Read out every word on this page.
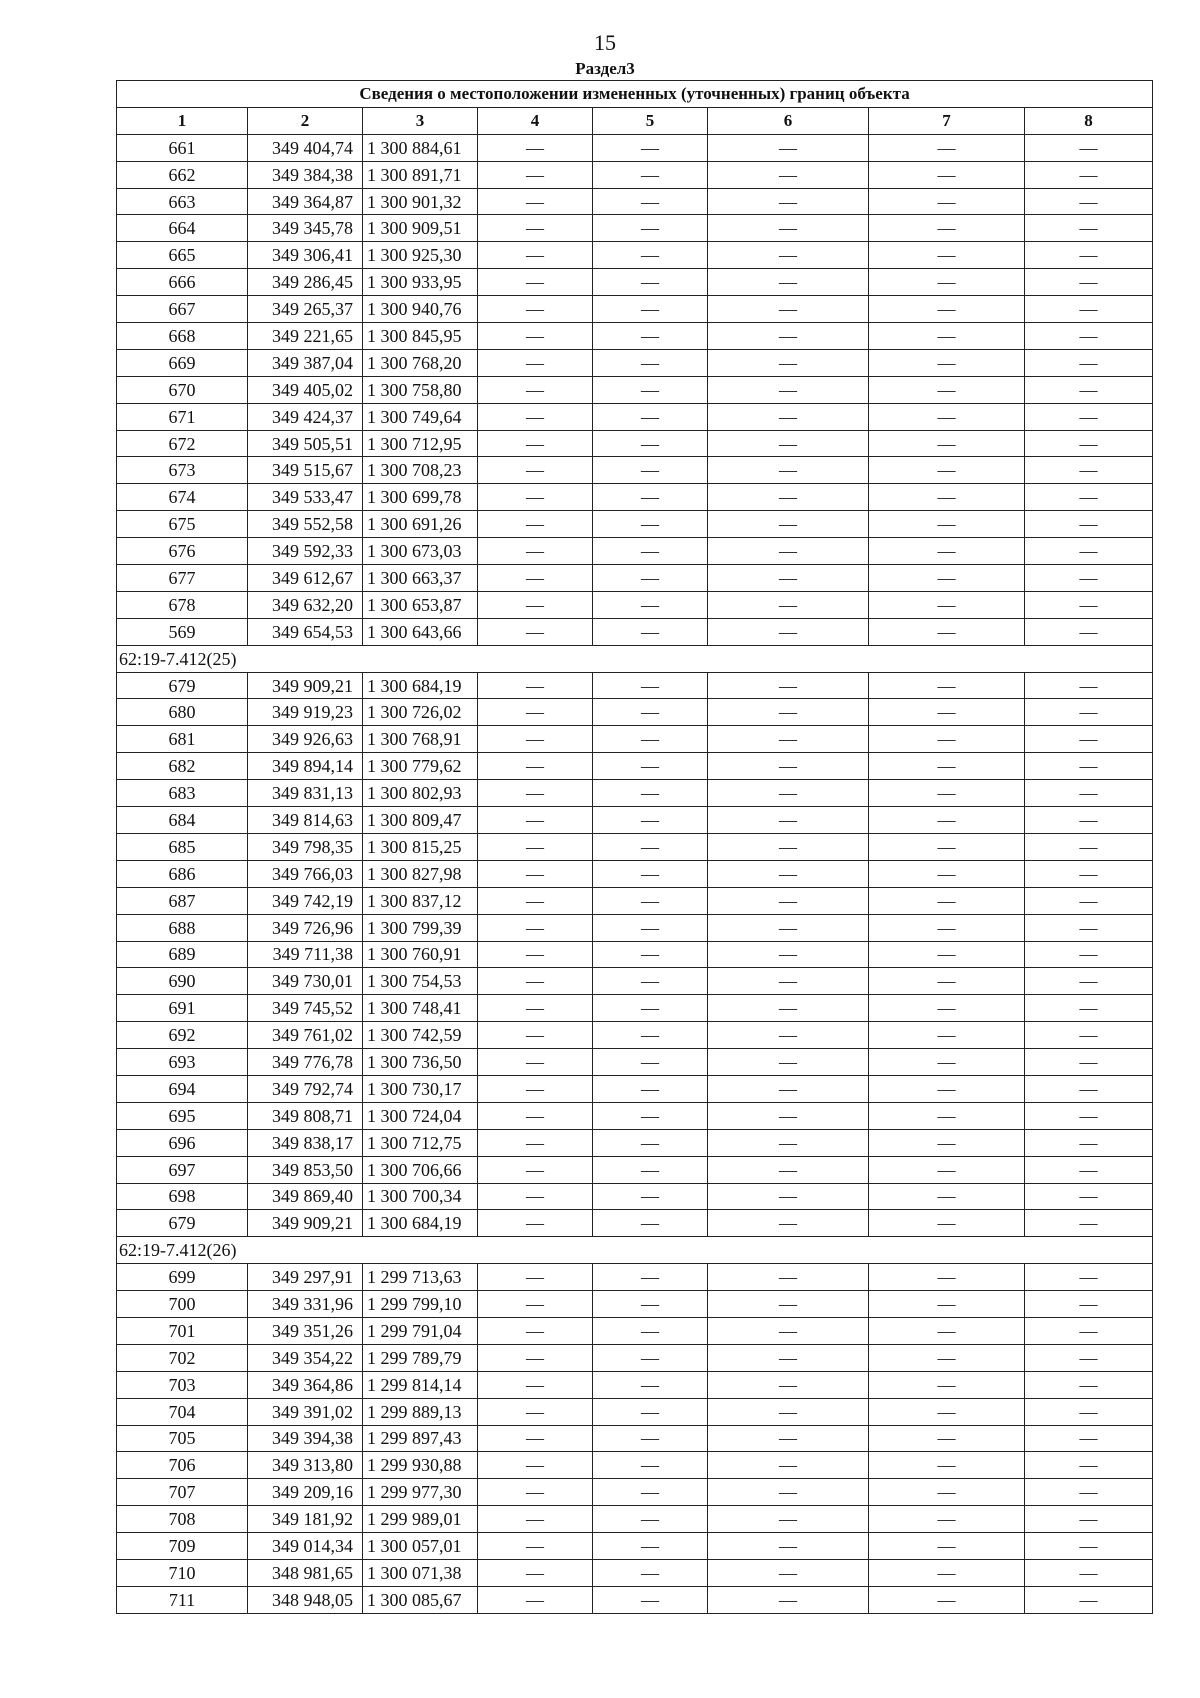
15
Раздел3
Сведения о местоположении измененных (уточненных) границ объекта							
1	2	3	4	5	6	7	8
661	349 404,74	1 300 884,61	—	—	—	—	—
662	349 384,38	1 300 891,71	—	—	—	—	—
663	349 364,87	1 300 901,32	—	—	—	—	—
664	349 345,78	1 300 909,51	—	—	—	—	—
665	349 306,41	1 300 925,30	—	—	—	—	—
666	349 286,45	1 300 933,95	—	—	—	—	—
667	349 265,37	1 300 940,76	—	—	—	—	—
668	349 221,65	1 300 845,95	—	—	—	—	—
669	349 387,04	1 300 768,20	—	—	—	—	—
670	349 405,02	1 300 758,80	—	—	—	—	—
671	349 424,37	1 300 749,64	—	—	—	—	—
672	349 505,51	1 300 712,95	—	—	—	—	—
673	349 515,67	1 300 708,23	—	—	—	—	—
674	349 533,47	1 300 699,78	—	—	—	—	—
675	349 552,58	1 300 691,26	—	—	—	—	—
676	349 592,33	1 300 673,03	—	—	—	—	—
677	349 612,67	1 300 663,37	—	—	—	—	—
678	349 632,20	1 300 653,87	—	—	—	—	—
569	349 654,53	1 300 643,66	—	—	—	—	—
62:19-7.412(25)							
679	349 909,21	1 300 684,19	—	—	—	—	—
680	349 919,23	1 300 726,02	—	—	—	—	—
681	349 926,63	1 300 768,91	—	—	—	—	—
682	349 894,14	1 300 779,62	—	—	—	—	—
683	349 831,13	1 300 802,93	—	—	—	—	—
684	349 814,63	1 300 809,47	—	—	—	—	—
685	349 798,35	1 300 815,25	—	—	—	—	—
686	349 766,03	1 300 827,98	—	—	—	—	—
687	349 742,19	1 300 837,12	—	—	—	—	—
688	349 726,96	1 300 799,39	—	—	—	—	—
689	349 711,38	1 300 760,91	—	—	—	—	—
690	349 730,01	1 300 754,53	—	—	—	—	—
691	349 745,52	1 300 748,41	—	—	—	—	—
692	349 761,02	1 300 742,59	—	—	—	—	—
693	349 776,78	1 300 736,50	—	—	—	—	—
694	349 792,74	1 300 730,17	—	—	—	—	—
695	349 808,71	1 300 724,04	—	—	—	—	—
696	349 838,17	1 300 712,75	—	—	—	—	—
697	349 853,50	1 300 706,66	—	—	—	—	—
698	349 869,40	1 300 700,34	—	—	—	—	—
679	349 909,21	1 300 684,19	—	—	—	—	—
62:19-7.412(26)							
699	349 297,91	1 299 713,63	—	—	—	—	—
700	349 331,96	1 299 799,10	—	—	—	—	—
701	349 351,26	1 299 791,04	—	—	—	—	—
702	349 354,22	1 299 789,79	—	—	—	—	—
703	349 364,86	1 299 814,14	—	—	—	—	—
704	349 391,02	1 299 889,13	—	—	—	—	—
705	349 394,38	1 299 897,43	—	—	—	—	—
706	349 313,80	1 299 930,88	—	—	—	—	—
707	349 209,16	1 299 977,30	—	—	—	—	—
708	349 181,92	1 299 989,01	—	—	—	—	—
709	349 014,34	1 300 057,01	—	—	—	—	—
710	348 981,65	1 300 071,38	—	—	—	—	—
711	348 948,05	1 300 085,67	—	—	—	—	—
